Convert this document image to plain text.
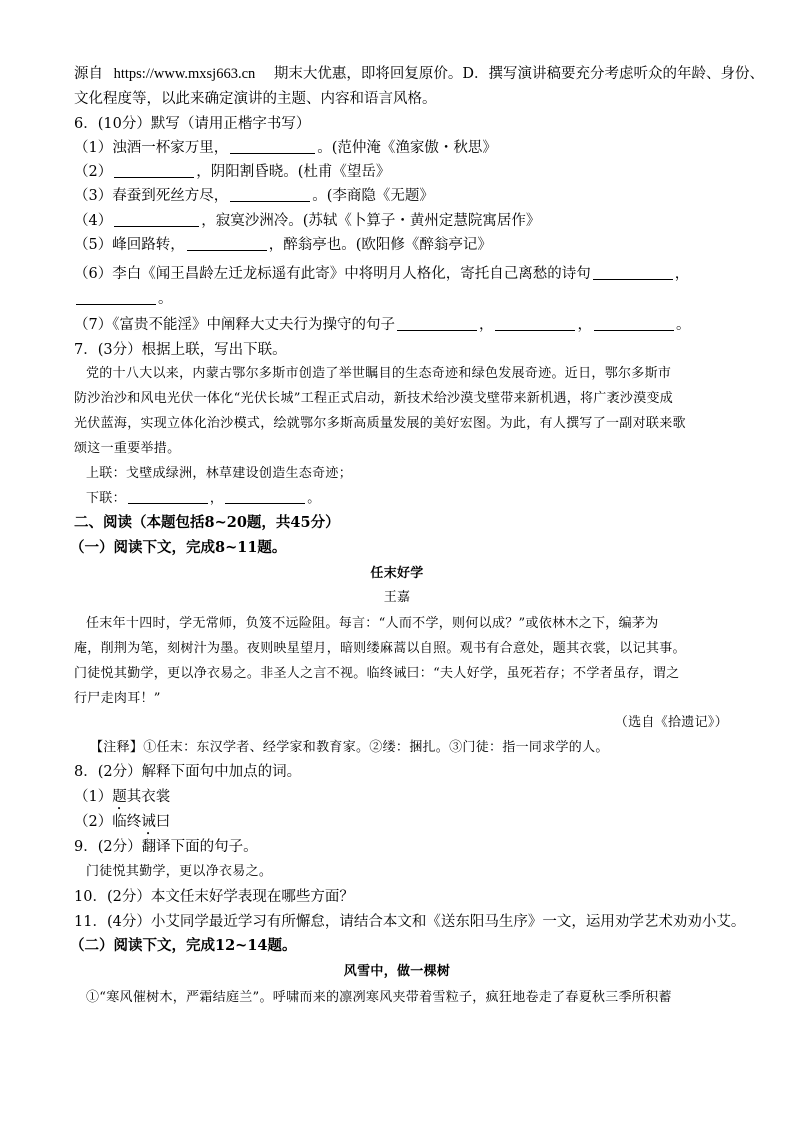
源自 https://www.mxsj663.cn 期末大优惠，即将回复原价。D．撰写演讲稿要充分考虑听众的年龄、身份、
文化程度等，以此来确定演讲的主题、内容和语言风格。
6．(10分）默写（请用正楷字书写）
（1）浊酒一杯家万里，	。(范仲淹《渔家傲・秋思》
（2）	，阴阳割昏晓。(杜甫《望岳》
（3）春蚕到死丝方尽，	。(李商隐《无题》
（4）	，寂寞沙洲冷。(苏轼《卜算子・黄州定慧院寓居作》
（5）峰回路转，	，醉翁亭也。(欧阳修《醉翁亭记》
（6）李白《闻王昌龄左迁龙标遥有此寄》中将明月人格化，寄托自己离愁的诗句	，
。
（7）《富贵不能淫》中阐释大丈夫行为操守的句子	，	，	。
7．(3分）根据上联，写出下联。
党的十八大以来，内蒙古鄂尔多斯市创造了举世瞩目的生态奇迹和绿色发展奇迹。近日，鄂尔多斯市
防沙治沙和风电光伏一体化“光伏长城”工程正式启动，新技术给沙漠戈壁带来新机遇，将广袤沙漠变成
光伏蓝海，实现立体化治沙模式，绘就鄂尔多斯高质量发展的美好宏图。为此，有人撰写了一副对联来歌
颂这一重要举措。
上联：戈壁成绿洲，林草建设创造生态奇迹；
下联：	，	。
二、阅读（本题包括8~20题，共45分）
（一）阅读下文，完成8~11题。
任末好学
王嘉
任末年十四时，学无常师，负笈不远险阻。每言：“人而不学，则何以成？”或依林木之下，编茅为
庵，削荆为笔，刻树汁为墨。夜则映星望月，暗则缕麻蒿以自照。观书有合意处，题其衣裳，以记其事。
门徒悦其勤学，更以净衣易之。非圣人之言不视。临终诫曰：“夫人好学，虽死若存；不学者虽存，谓之
行尸走肉耳！”
（选自《拾遗记》）
【注释】①任末：东汉学者、经学家和教育家。②缕：捆扎。③门徒：指一同求学的人。
8．(2分）解释下面句中加点的词。
（1）题其衣裳
（2）临终诫曰
9．(2分）翻译下面的句子。
门徒悦其勤学，更以净衣易之。
10．(2分）本文任末好学表现在哪些方面？
11．(4分）小艾同学最近学习有所懈怠，请结合本文和《送东阳马生序》一文，运用劝学艺术劝劝小艾。
（二）阅读下文，完成12~14题。
风雪中，做一棵树
①“寒风催树木，严霜结庭兰”。呼啸而来的凛冽寒风夹带着雪粒子，疯狂地卷走了春夏秋三季所积蓄
